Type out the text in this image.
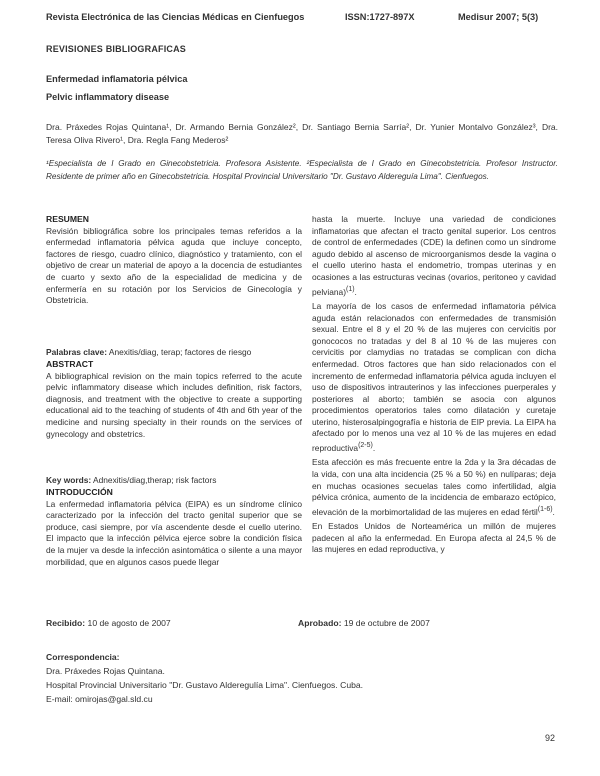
Revista Electrónica de las Ciencias Médicas en Cienfuegos	ISSN:1727-897X	Medisur 2007; 5(3)
REVISIONES BIBLIOGRAFICAS
Enfermedad inflamatoria pélvica
Pelvic inflammatory disease
Dra. Práxedes Rojas Quintana¹, Dr. Armando Bernia González², Dr. Santiago Bernia Sarría², Dr. Yunier Montalvo González³, Dra. Teresa Oliva Rivero¹, Dra. Regla Fang Mederos²
¹Especialista de I Grado en Ginecobstetricia. Profesora Asistente. ²Especialista de I Grado en Ginecobstetricia. Profesor Instructor. Residente de primer año en Ginecobstetricia. Hospital Provincial Universitario "Dr. Gustavo Aldereguía Lima". Cienfuegos.
RESUMEN

Revisión bibliográfica sobre los principales temas referidos a la enfermedad inflamatoria pélvica aguda que incluye concepto, factores de riesgo, cuadro clínico, diagnóstico y tratamiento, con el objetivo de crear un material de apoyo a la docencia de estudiantes de cuarto y sexto año de la especialidad de medicina y de enfermería en su rotación por los Servicios de Ginecología y Obstetricia.

Palabras clave: Anexitis/diag, terap; factores de riesgo
ABSTRACT

A bibliographical revision on the main topics referred to the acute pelvic inflammatory disease which includes definition, risk factors, diagnosis, and treatment with the objective to create a supporting educational aid to the teaching of students of 4th and 6th year of the medicine and nursing specialty in their rounds on the services of gynecology and obstetrics.

Key words: Adnexitis/diag,therap; risk factors
INTRODUCCIÓN

La enfermedad inflamatoria pélvica (EIPA) es un síndrome clínico caracterizado por la infección del tracto genital superior que se produce, casi siempre, por vía ascendente desde el cuello uterino. El impacto que la infección pélvica ejerce sobre la condición física de la mujer va desde la infección asintomática o silente a una mayor morbilidad, que en algunos casos puede llegar

hasta la muerte. Incluye una variedad de condiciones inflamatorias que afectan el tracto genital superior. Los centros de control de enfermedades (CDE) la definen como un síndrome agudo debido al ascenso de microorganismos desde la vagina o el cuello uterino hasta el endometrio, trompas uterinas y en ocasiones a las estructuras vecinas (ovarios, peritoneo y cavidad pelviana)$^{(1)}$.

La mayoría de los casos de enfermedad inflamatoria pélvica aguda están relacionados con enfermedades de transmisión sexual. Entre el 8 y el 20 % de las mujeres con cervicitis por gonococos no tratadas y del 8 al 10 % de las mujeres con cervicitis por clamydias no tratadas se complican con dicha enfermedad. Otros factores que han sido relacionados con el incremento de enfermedad inflamatoria pélvica aguda incluyen el uso de dispositivos intrauterinos y las infecciones puerperales y posteriores al aborto; también se asocia con algunos procedimientos operatorios tales como dilatación y curetaje uterino, histerosalpingografía e historia de EIP previa. La EIPA ha afectado por lo menos una vez al 10 % de las mujeres en edad reproductiva$^{(2-5)}$.

Esta afección es más frecuente entre la 2da y la 3ra décadas de la vida, con una alta incidencia (25 % a 50 %) en nulíparas; deja en muchas ocasiones secuelas tales como infertilidad, algia pélvica crónica, aumento de la incidencia de embarazo ectópico, elevación de la morbimortalidad de las mujeres en edad fértil$^{(1-6)}$.

En Estados Unidos de Norteamérica un millón de mujeres padecen al año la enfermedad. En Europa afecta al 24,5 % de las mujeres en edad reproductiva, y

Recibido: 10 de agosto de 2007	Aprobado: 19 de octubre de 2007
Correspondencia:
Dra. Práxedes Rojas Quintana.
Hospital Provincial Universitario "Dr. Gustavo Alderegulía Lima". Cienfuegos. Cuba.
E-mail: omirojas@gal.sld.cu
92
